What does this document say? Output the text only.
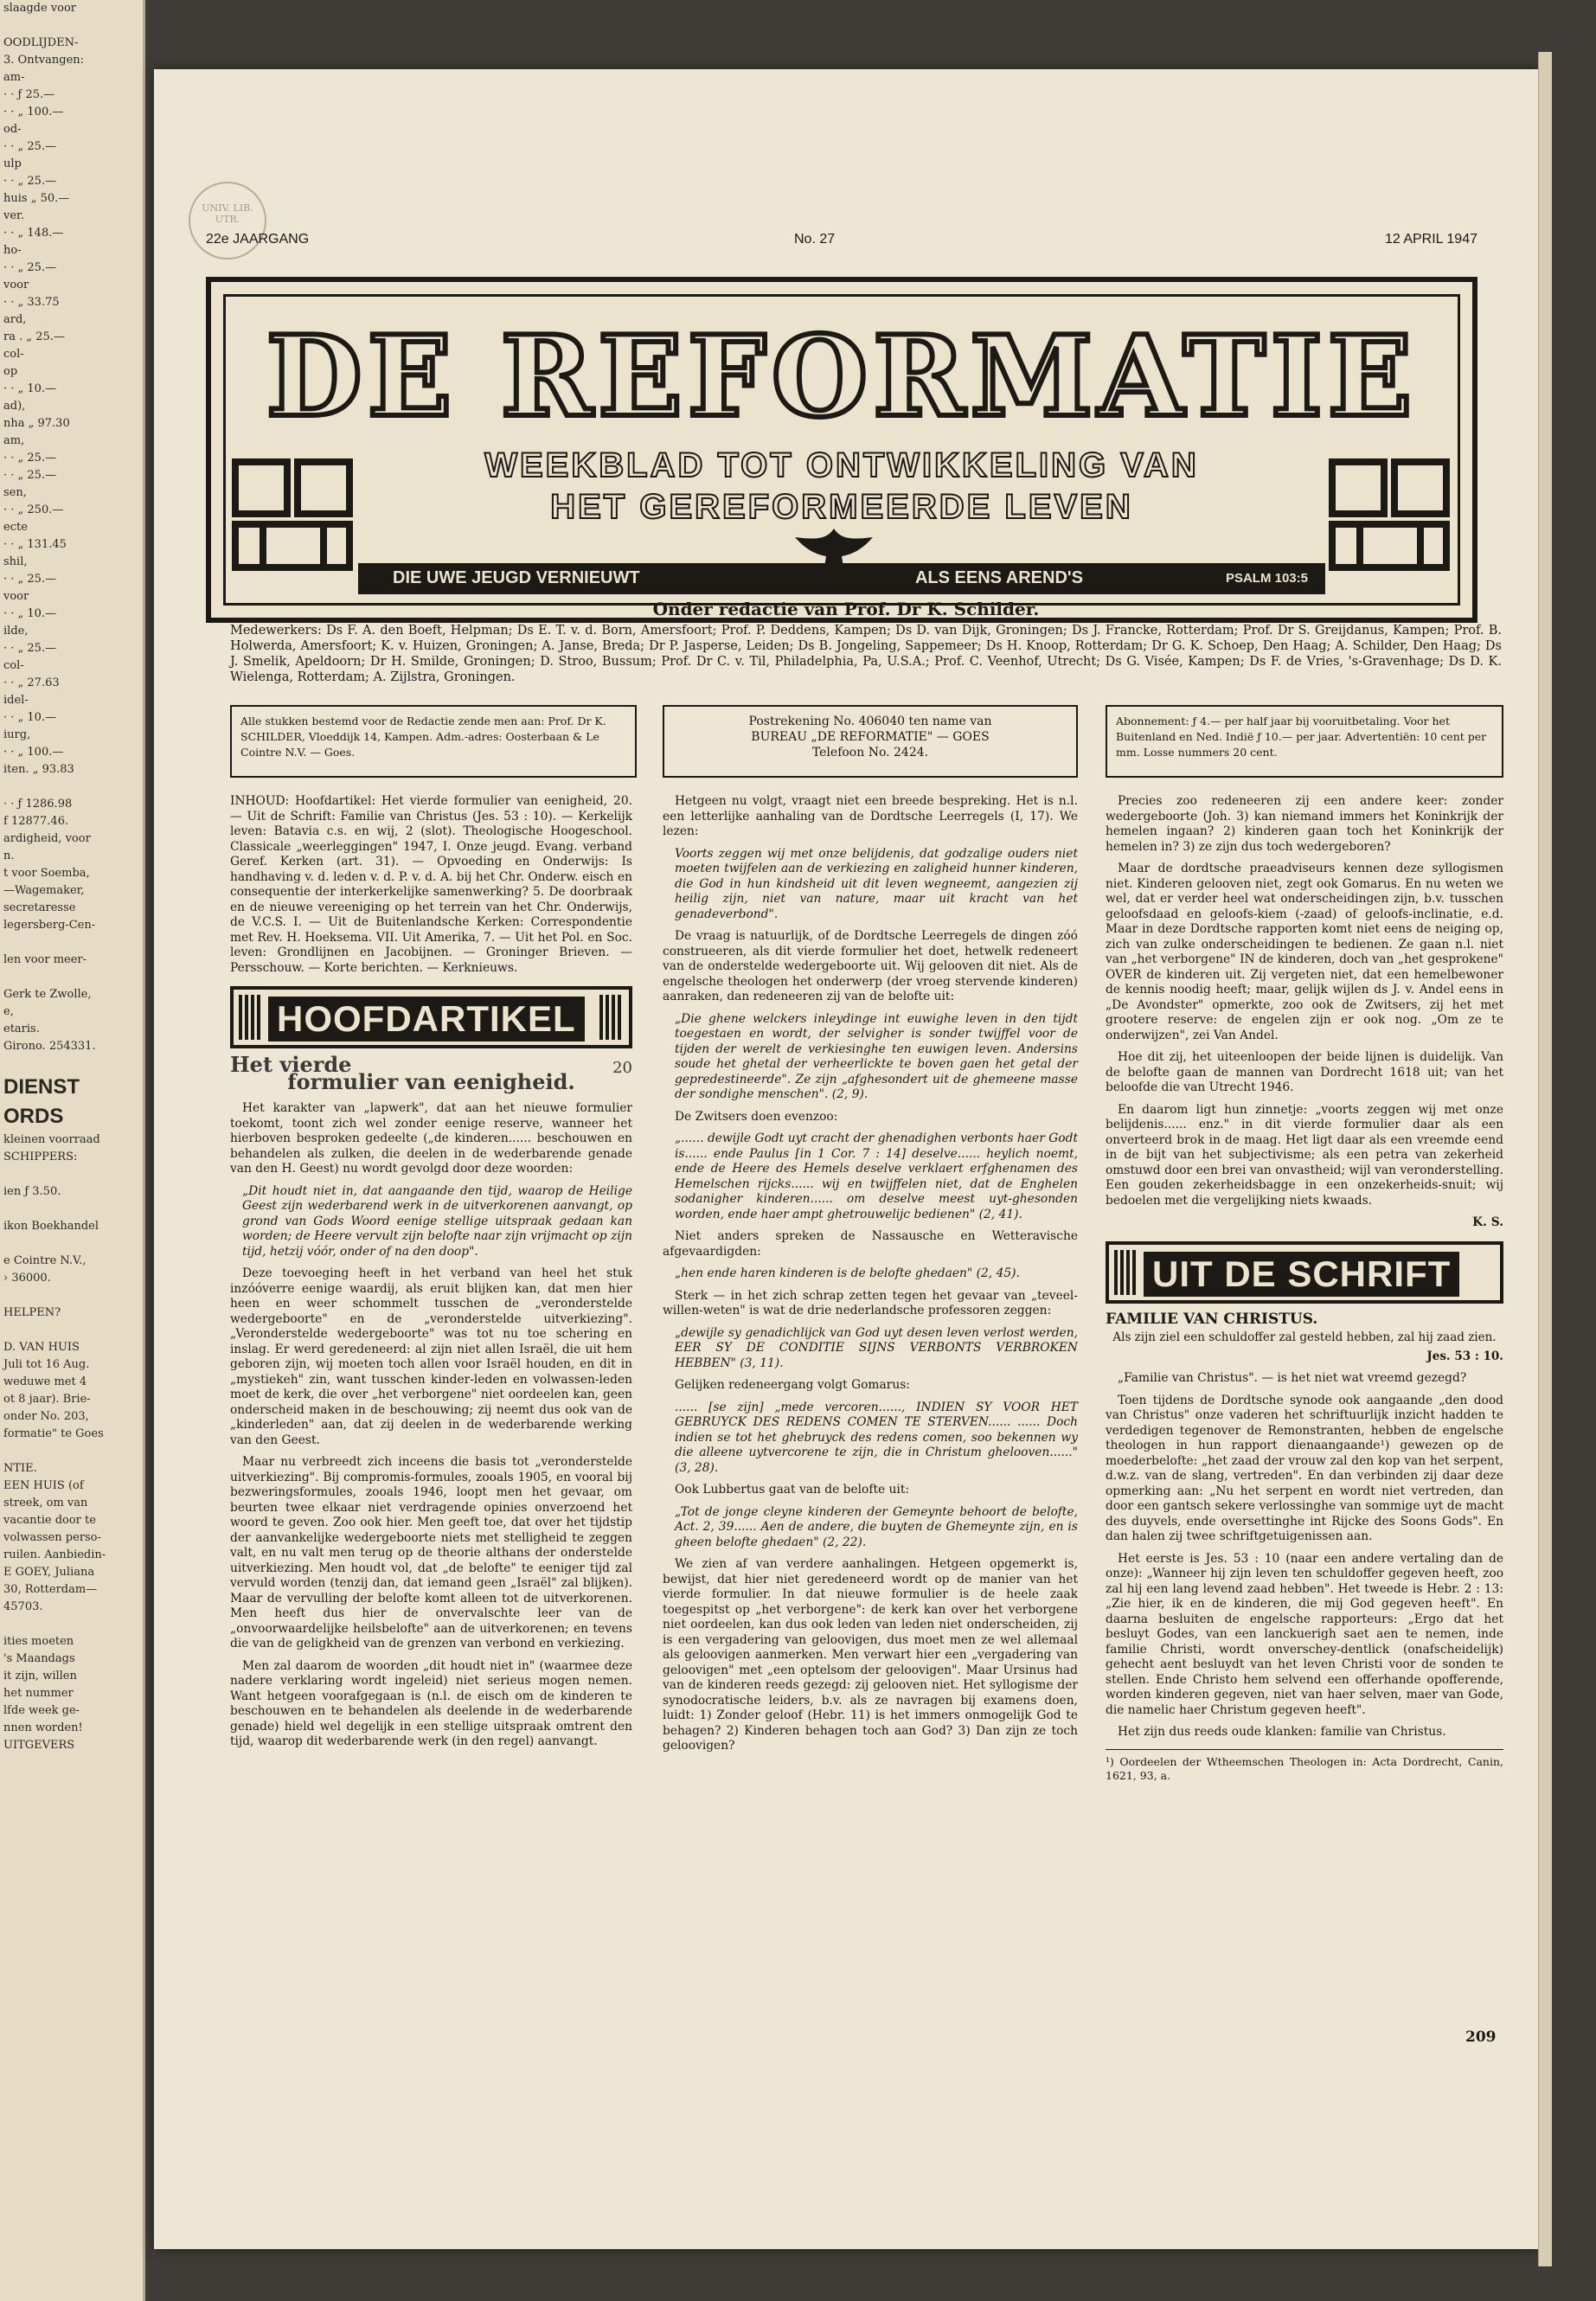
slaagde voor

OODLIJDEN-
3. Ontvangen:
am-
· · ƒ 25.—
· · „ 100.—
od-
· · „ 25.—
ulp
· · „ 25.—
huis „ 50.—
ver.
· · „ 148.—
ho-
· · „ 25.—
voor
· · „ 33.75
ard,
ra . „ 25.—
col-
op
· · „ 10.—
ad),
nha „ 97.30
am,
· · „ 25.—
· · „ 25.—
sen,
· · „ 250.—
ecte
· · „ 131.45
shil,
· · „ 25.—
voor
· · „ 10.—
ilde,
· · „ 25.—
col-
· · „ 27.63
idel-
· · „ 10.—
iurg,
· · „ 100.—
iten. „ 93.83

· · ƒ 1286.98
f 12877.46.
ardigheid, voor
n.
t voor Soemba,
—Wagemaker,
secretaresse
legersberg-Cen-

len voor meer-

Gerk te Zwolle,
e,
etaris.
Girono. 254331.

DIENST
ORDS
kleinen voorraad
SCHIPPERS:

ien ƒ 3.50.

ikon Boekhandel

e Cointre N.V.,
› 36000.

HELPEN?

D. VAN HUIS
Juli tot 16 Aug.
weduwe met 4
ot 8 jaar). Brie-
onder No. 203,
formatie" te Goes

NTIE.
EEN HUIS (of
streek, om van
vacantie door te
volwassen perso-
ruilen. Aanbiedin-
E GOEY, Juliana
30, Rotterdam—
45703.

ities moeten
's Maandags
it zijn, willen
het nummer
lfde week ge-
nnen worden!
UITGEVERS
UNIV. LIB. UTR.
22e JAARGANG	No. 27	12 APRIL 1947
DE REFORMATIE
WEEKBLAD TOT ONTWIKKELING VAN
HET GEREFORMEERDE LEVEN
DIE UWE JEUGD VERNIEUWT	ALS EENS AREND'S	PSALM 103:5
Onder redactie van Prof. Dr K. Schilder.
Medewerkers: Ds F. A. den Boeft, Helpman; Ds E. T. v. d. Born, Amersfoort; Prof. P. Deddens, Kampen; Ds D. van Dijk, Groningen; Ds J. Francke, Rotterdam; Prof. Dr S. Greijdanus, Kampen; Prof. B. Holwerda, Amersfoort; K. v. Huizen, Groningen; A. Janse, Breda; Dr P. Jasperse, Leiden; Ds B. Jongeling, Sappemeer; Ds H. Knoop, Rotterdam; Dr G. K. Schoep, Den Haag; A. Schilder, Den Haag; Ds J. Smelik, Apeldoorn; Dr H. Smilde, Groningen; D. Stroo, Bussum; Prof. Dr C. v. Til, Philadelphia, Pa, U.S.A.; Prof. C. Veenhof, Utrecht; Ds G. Visée, Kampen; Ds F. de Vries, 's-Gravenhage; Ds D. K. Wielenga, Rotterdam; A. Zijlstra, Groningen.
Alle stukken bestemd voor de Redactie zende men aan: Prof. Dr K. SCHILDER, Vloeddijk 14, Kampen. Adm.-adres: Oosterbaan & Le Cointre N.V. — Goes.
Postrekening No. 406040 ten name van
BUREAU „DE REFORMATIE" — GOES
Telefoon No. 2424.
Abonnement: ƒ 4.— per half jaar bij vooruitbetaling. Voor het Buitenland en Ned. Indië ƒ 10.— per jaar. Advertentiën: 10 cent per mm. Losse nummers 20 cent.

INHOUD: Hoofdartikel: Het vierde formulier van eenigheid, 20. — Uit de Schrift: Familie van Christus (Jes. 53 : 10). — Kerkelijk leven: Batavia c.s. en wij, 2 (slot). Theologische Hoogeschool. Classicale „weerleggingen" 1947, I. Onze jeugd. Evang. verband Geref. Kerken (art. 31). — Opvoeding en Onderwijs: Is handhaving v. d. leden v. d. P. v. d. A. bij het Chr. Onderw. eisch en consequentie der interkerkelijke samenwerking? 5. De doorbraak en de nieuwe vereeniging op het terrein van het Chr. Onderwijs, de V.C.S. I. — Uit de Buitenlandsche Kerken: Correspondentie met Rev. H. Hoeksema. VII. Uit Amerika, 7. — Uit het Pol. en Soc. leven: Grondlijnen en Jacobijnen. — Groninger Brieven. — Persschouw. — Korte berichten. — Kerknieuws.

HOOFDARTIKEL
Het vierde	20
formulier van eenigheid.

Het karakter van „lapwerk", dat aan het nieuwe formulier toekomt, toont zich wel zonder eenige reserve, wanneer het hierboven besproken gedeelte („de kinderen...... beschouwen en behandelen als zulken, die deelen in de wederbarende genade van den H. Geest) nu wordt gevolgd door deze woorden:

„Dit houdt niet in, dat aangaande den tijd, waarop de Heilige Geest zijn wederbarend werk in de uitverkorenen aanvangt, op grond van Gods Woord eenige stellige uitspraak gedaan kan worden; de Heere vervult zijn belofte naar zijn vrijmacht op zijn tijd, hetzij vóór, onder of na den doop".

Deze toevoeging heeft in het verband van heel het stuk inzóóverre eenige waardij, als eruit blijken kan, dat men hier heen en weer schommelt tusschen de „veronderstelde wedergeboorte" en de „veronderstelde uitverkiezing". „Veronderstelde wedergeboorte" was tot nu toe schering en inslag. Er werd geredeneerd: al zijn niet allen Israël, die uit hem geboren zijn, wij moeten toch allen voor Israël houden, en dit in „mystiekeh" zin, want tusschen kinder-leden en volwassen-leden moet de kerk, die over „het verborgene" niet oordeelen kan, geen onderscheid maken in de beschouwing; zij neemt dus ook van de „kinderleden" aan, dat zij deelen in de wederbarende werking van den Geest.

Maar nu verbreedt zich inceens die basis tot „veronderstelde uitverkiezing". Bij compromis-formules, zooals 1905, en vooral bij bezweringsformules, zooals 1946, loopt men het gevaar, om beurten twee elkaar niet verdragende opinies onverzoend het woord te geven. Zoo ook hier. Men geeft toe, dat over het tijdstip der aanvankelijke wedergeboorte niets met stelligheid te zeggen valt, en nu valt men terug op de theorie althans der onderstelde uitverkiezing. Men houdt vol, dat „de belofte" te eeniger tijd zal vervuld worden (tenzij dan, dat iemand geen „Israël" zal blijken). Maar de vervulling der belofte komt alleen tot de uitverkorenen. Men heeft dus hier de onvervalschte leer van de „onvoorwaardelijke heilsbelofte" aan de uitverkorenen; en tevens die van de geligkheid van de grenzen van verbond en verkiezing.

Men zal daarom de woorden „dit houdt niet in" (waarmee deze nadere verklaring wordt ingeleid) niet serieus mogen nemen. Want hetgeen voorafgegaan is (n.l. de eisch om de kinderen te beschouwen en te behandelen als deelende in de wederbarende genade) hield wel degelijk in een stellige uitspraak omtrent den tijd, waarop dit wederbarende werk (in den regel) aanvangt.

Hetgeen nu volgt, vraagt niet een breede bespreking. Het is n.l. een letterlijke aanhaling van de Dordtsche Leerregels (I, 17). We lezen:

Voorts zeggen wij met onze belijdenis, dat godzalige ouders niet moeten twijfelen aan de verkiezing en zaligheid hunner kinderen, die God in hun kindsheid uit dit leven wegneemt, aangezien zij heilig zijn, niet van nature, maar uit kracht van het genadeverbond".

De vraag is natuurlijk, of de Dordtsche Leerregels de dingen zóó construeeren, als dit vierde formulier het doet, hetwelk redeneert van de onderstelde wedergeboorte uit. Wij gelooven dit niet. Als de engelsche theologen het onderwerp (der vroeg stervende kinderen) aanraken, dan redeneeren zij van de belofte uit:

„Die ghene welckers inleydinge int euwighe leven in den tijdt toegestaen en wordt, der selvigher is sonder twijffel voor de tijden der werelt de verkiesinghe ten euwigen leven. Andersins soude het ghetal der verheerlickte te boven gaen het getal der gepredestineerde". Ze zijn „afghesondert uit de ghemeene masse der sondighe menschen". (2, 9).

De Zwitsers doen evenzoo:

„...... dewijle Godt uyt cracht der ghenadighen verbonts haer Godt is...... ende Paulus [in 1 Cor. 7 : 14] deselve...... heylich noemt, ende de Heere des Hemels deselve verklaert erfghenamen des Hemelschen rijcks...... wij en twijffelen niet, dat de Enghelen sodanigher kinderen...... om deselve meest uyt-ghesonden worden, ende haer ampt ghetrouwelijc bedienen" (2, 41).

Niet anders spreken de Nassausche en Wetteravische afgevaardigden:

„hen ende haren kinderen is de belofte ghedaen" (2, 45).

Sterk — in het zich schrap zetten tegen het gevaar van „teveel-willen-weten" is wat de drie nederlandsche professoren zeggen:

„dewijle sy genadichlijck van God uyt desen leven verlost werden, EER SY DE CONDITIE SIJNS VERBONTS VERBROKEN HEBBEN" (3, 11).

Gelijken redeneergang volgt Gomarus:

...... [se zijn] „mede vercoren......, INDIEN SY VOOR HET GEBRUYCK DES REDENS COMEN TE STERVEN...... ...... Doch indien se tot het ghebruyck des redens comen, soo bekennen wy die alleene uytvercorene te zijn, die in Christum ghelooven......" (3, 28).

Ook Lubbertus gaat van de belofte uit:

„Tot de jonge cleyne kinderen der Gemeynte behoort de belofte, Act. 2, 39...... Aen de andere, die buyten de Ghemeynte zijn, en is gheen belofte ghedaen" (2, 22).

We zien af van verdere aanhalingen. Hetgeen opgemerkt is, bewijst, dat hier niet geredeneerd wordt op de manier van het vierde formulier. In dat nieuwe formulier is de heele zaak toegespitst op „het verborgene": de kerk kan over het verborgene niet oordeelen, kan dus ook leden van leden niet onderscheiden, zij is een vergadering van geloovigen, dus moet men ze wel allemaal als geloovigen aanmerken. Men verwart hier een „vergadering van geloovigen" met „een optelsom der geloovigen". Maar Ursinus had van de kinderen reeds gezegd: zij gelooven niet. Het syllogisme der synodocratische leiders, b.v. als ze navragen bij examens doen, luidt: 1) Zonder geloof (Hebr. 11) is het immers onmogelijk God te behagen? 2) Kinderen behagen toch aan God? 3) Dan zijn ze toch geloovigen?

Precies zoo redeneeren zij een andere keer: zonder wedergeboorte (Joh. 3) kan niemand immers het Koninkrijk der hemelen ingaan? 2) kinderen gaan toch het Koninkrijk der hemelen in? 3) ze zijn dus toch wedergeboren?

Maar de dordtsche praeadviseurs kennen deze syllogismen niet. Kinderen gelooven niet, zegt ook Gomarus. En nu weten we wel, dat er verder heel wat onderscheidingen zijn, b.v. tusschen geloofsdaad en geloofs-kiem (-zaad) of geloofs-inclinatie, e.d. Maar in deze Dordtsche rapporten komt niet eens de neiging op, zich van zulke onderscheidingen te bedienen. Ze gaan n.l. niet van „het verborgene" IN de kinderen, doch van „het gesprokene" OVER de kinderen uit. Zij vergeten niet, dat een hemelbewoner de kennis noodig heeft; maar, gelijk wijlen ds J. v. Andel eens in „De Avondster" opmerkte, zoo ook de Zwitsers, zij het met grootere reserve: de engelen zijn er ook nog. „Om ze te onderwijzen", zei Van Andel.

Hoe dit zij, het uiteenloopen der beide lijnen is duidelijk. Van de belofte gaan de mannen van Dordrecht 1618 uit; van het beloofde die van Utrecht 1946.

En daarom ligt hun zinnetje: „voorts zeggen wij met onze belijdenis...... enz." in dit vierde formulier daar als een onverteerd brok in de maag. Het ligt daar als een vreemde eend in de bijt van het subjectivisme; als een petra van zekerheid omstuwd door een brei van onvastheid; wijl van veronderstelling. Een gouden zekerheidsbagge in een onzekerheids-snuit; wij bedoelen met die vergelijking niets kwaads.

K. S.
UIT DE SCHRIFT
FAMILIE VAN CHRISTUS.
Als zijn ziel een schuldoffer zal gesteld hebben, zal hij zaad zien.
Jes. 53 : 10.

„Familie van Christus". — is het niet wat vreemd gezegd?

Toen tijdens de Dordtsche synode ook aangaande „den dood van Christus" onze vaderen het schriftuurlijk inzicht hadden te verdedigen tegenover de Remonstranten, hebben de engelsche theologen in hun rapport dienaangaande¹) gewezen op de moederbelofte: „het zaad der vrouw zal den kop van het serpent, d.w.z. van de slang, vertreden". En dan verbinden zij daar deze opmerking aan: „Nu het serpent en wordt niet vertreden, dan door een gantsch sekere verlossinghe van sommige uyt de macht des duyvels, ende oversettinghe int Rijcke des Soons Gods". En dan halen zij twee schriftgetuigenissen aan.

Het eerste is Jes. 53 : 10 (naar een andere vertaling dan de onze): „Wanneer hij zijn leven ten schuldoffer gegeven heeft, zoo zal hij een lang levend zaad hebben". Het tweede is Hebr. 2 : 13: „Zie hier, ik en de kinderen, die mij God gegeven heeft". En daarna besluiten de engelsche rapporteurs: „Ergo dat het besluyt Godes, van een lanckuerigh saet aen te nemen, inde familie Christi, wordt onverschey-dentlick (onafscheidelijk) gehecht aent besluydt van het leven Christi voor de sonden te stellen. Ende Christo hem selvend een offerhande opofferende, worden kinderen gegeven, niet van haer selven, maer van Gode, die namelic haer Christum gegeven heeft".

Het zijn dus reeds oude klanken: familie van Christus.

¹) Oordeelen der Wtheemschen Theologen in: Acta Dordrecht, Canin, 1621, 93, a.
209
